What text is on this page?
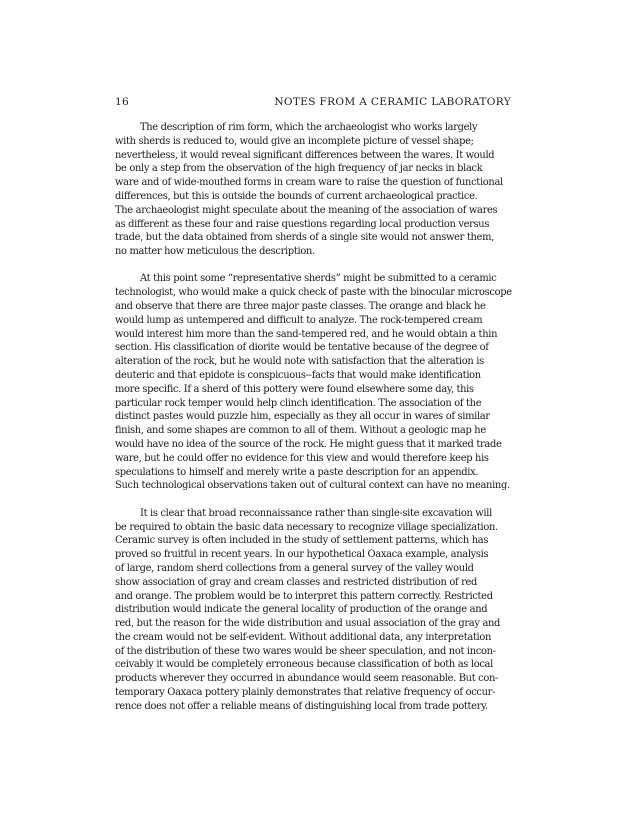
16	NOTES FROM A CERAMIC LABORATORY

The description of rim form, which the archaeologist who works largely
with sherds is reduced to, would give an incomplete picture of vessel shape;
nevertheless, it would reveal significant differences between the wares. It would
be only a step from the observation of the high frequency of jar necks in black
ware and of wide-mouthed forms in cream ware to raise the question of functional
differences, but this is outside the bounds of current archaeological practice.
The archaeologist might speculate about the meaning of the association of wares
as different as these four and raise questions regarding local production versus
trade, but the data obtained from sherds of a single site would not answer them,
no matter how meticulous the description.

At this point some “representative sherds” might be submitted to a ceramic
technologist, who would make a quick check of paste with the binocular microscope
and observe that there are three major paste classes. The orange and black he
would lump as untempered and difficult to analyze. The rock-tempered cream
would interest him more than the sand-tempered red, and he would obtain a thin
section. His classification of diorite would be tentative because of the degree of
alteration of the rock, but he would note with satisfaction that the alteration is
deuteric and that epidote is conspicuous--facts that would make identification
more specific. If a sherd of this pottery were found elsewhere some day, this
particular rock temper would help clinch identification. The association of the
distinct pastes would puzzle him, especially as they all occur in wares of similar
finish, and some shapes are common to all of them. Without a geologic map he
would have no idea of the source of the rock. He might guess that it marked trade
ware, but he could offer no evidence for this view and would therefore keep his
speculations to himself and merely write a paste description for an appendix.
Such technological observations taken out of cultural context can have no meaning.

It is clear that broad reconnaissance rather than single-site excavation will
be required to obtain the basic data necessary to recognize village specialization.
Ceramic survey is often included in the study of settlement patterns, which has
proved so fruitful in recent years. In our hypothetical Oaxaca example, analysis
of large, random sherd collections from a general survey of the valley would
show association of gray and cream classes and restricted distribution of red
and orange. The problem would be to interpret this pattern correctly. Restricted
distribution would indicate the general locality of production of the orange and
red, but the reason for the wide distribution and usual association of the gray and
the cream would not be self-evident. Without additional data, any interpretation
of the distribution of these two wares would be sheer speculation, and not incon-
ceivably it would be completely erroneous because classification of both as local
products wherever they occurred in abundance would seem reasonable. But con-
temporary Oaxaca pottery plainly demonstrates that relative frequency of occur-
rence does not offer a reliable means of distinguishing local from trade pottery.
